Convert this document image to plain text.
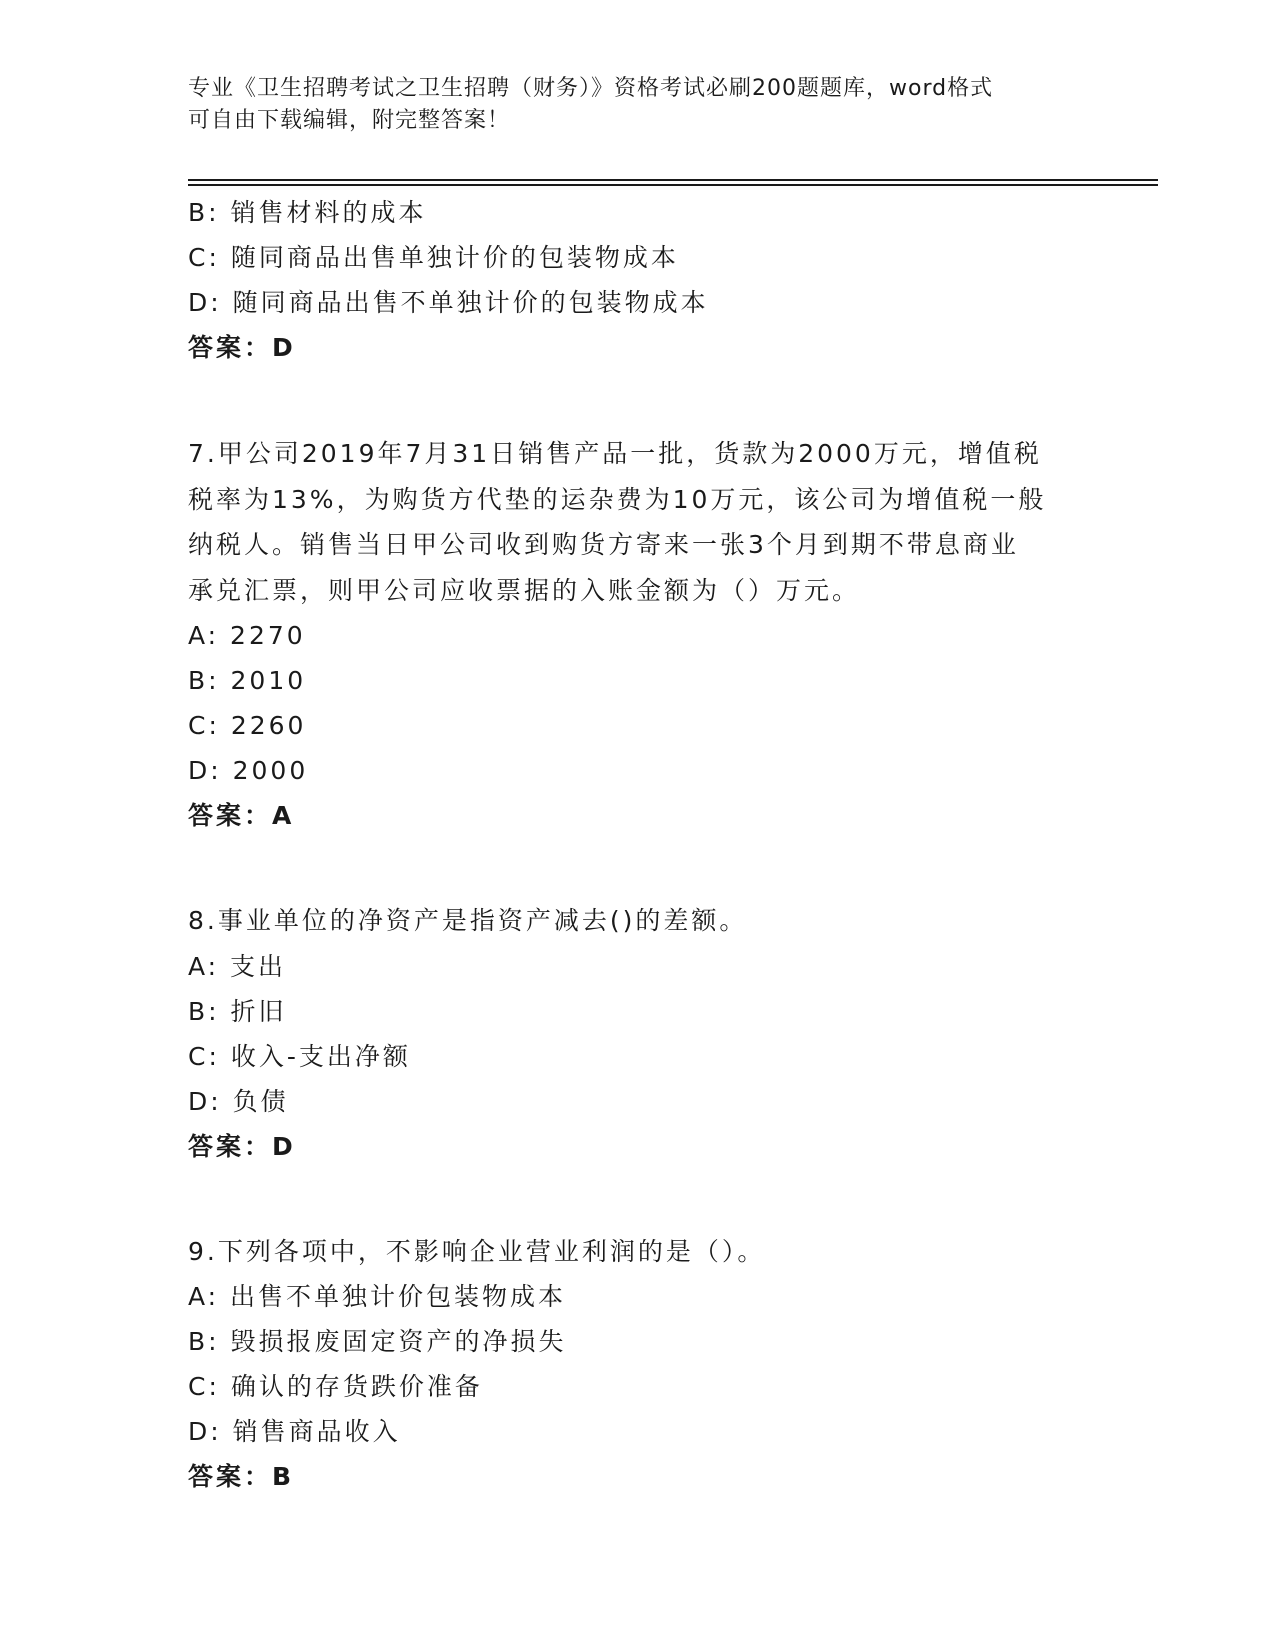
专业《卫生招聘考试之卫生招聘（财务）》资格考试必刷200题题库，word格式
可自由下载编辑，附完整答案！
B: 销售材料的成本
C: 随同商品出售单独计价的包装物成本
D: 随同商品出售不单独计价的包装物成本
答案：D
7.甲公司2019年7月31日销售产品一批，货款为2000万元，增值税
税率为13%，为购货方代垫的运杂费为10万元，该公司为增值税一般
纳税人。销售当日甲公司收到购货方寄来一张3个月到期不带息商业
承兑汇票，则甲公司应收票据的入账金额为（）万元。
A: 2270
B: 2010
C: 2260
D: 2000
答案：A
8.事业单位的净资产是指资产减去()的差额。
A: 支出
B: 折旧
C: 收入-支出净额
D: 负债
答案：D
9.下列各项中，不影响企业营业利润的是（）。
A: 出售不单独计价包装物成本
B: 毁损报废固定资产的净损失
C: 确认的存货跌价准备
D: 销售商品收入
答案：B
